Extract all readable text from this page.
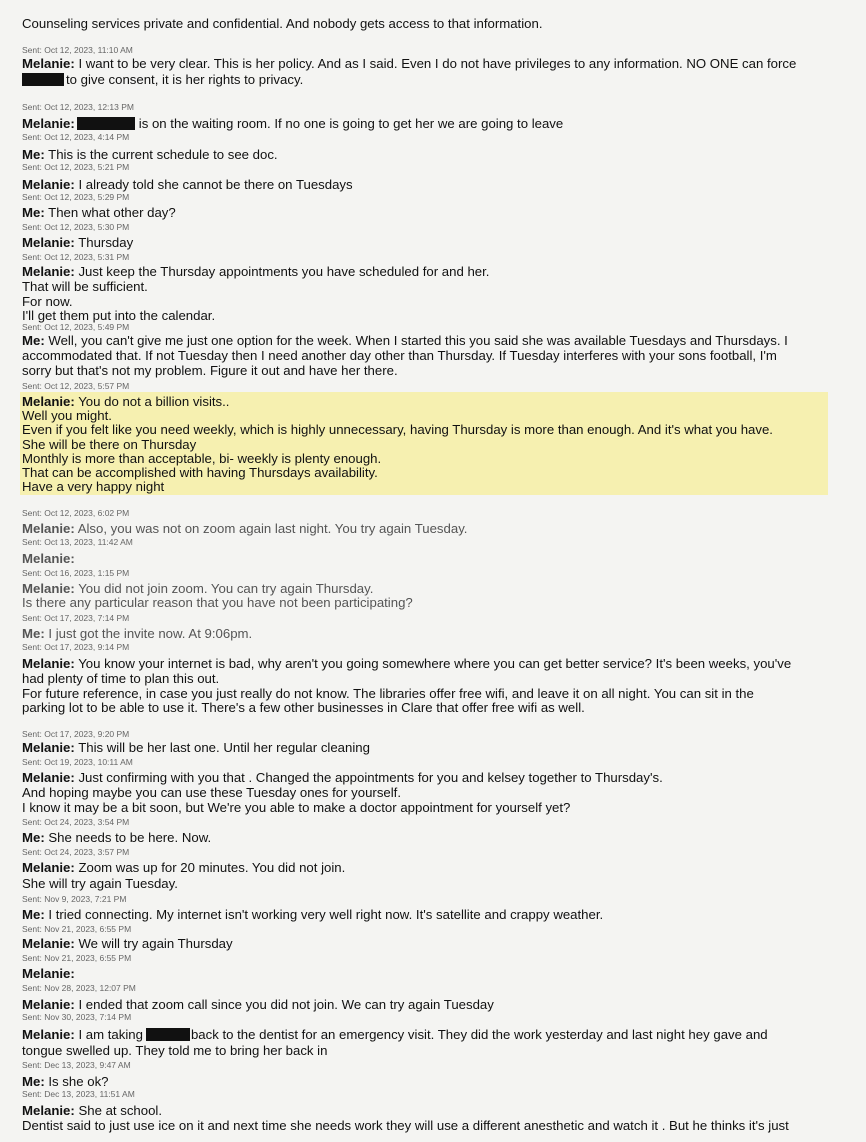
Counseling services private and confidential. And nobody gets access to that information.
Sent: Oct 12, 2023, 11:10 AM
Melanie: I want to be very clear. This is her policy. And as I said. Even I do not have privileges to any information. NO ONE can force
to give consent, it is her rights to privacy.
Sent: Oct 12, 2023, 12:13 PM
Melanie:	is on the waiting room. If no one is going to get her we are going to leave
Sent: Oct 12, 2023, 4:14 PM
Me: This is the current schedule to see doc.
Sent: Oct 12, 2023, 5:21 PM
Melanie: I already told she cannot be there on Tuesdays
Sent: Oct 12, 2023, 5:29 PM
Me: Then what other day?
Sent: Oct 12, 2023, 5:30 PM
Melanie: Thursday
Sent: Oct 12, 2023, 5:31 PM
Melanie: Just keep the Thursday appointments you have scheduled for and her.
That will be sufficient.
For now.
I'll get them put into the calendar.
Sent: Oct 12, 2023, 5:49 PM
Me: Well, you can't give me just one option for the week. When I started this you said she was available Tuesdays and Thursdays. I
accommodated that. If not Tuesday then I need another day other than Thursday. If Tuesday interferes with your sons football, I'm
sorry but that's not my problem. Figure it out and have her there.
Sent: Oct 12, 2023, 5:57 PM
Melanie: You do not a billion visits..
Well you might.
Even if you felt like you need weekly, which is highly unnecessary, having Thursday is more than enough. And it's what you have.
She will be there on Thursday
Monthly is more than acceptable, bi- weekly is plenty enough.
That can be accomplished with having Thursdays availability.
Have a very happy night
Sent: Oct 12, 2023, 6:02 PM
Melanie: Also, you was not on zoom again last night. You try again Tuesday.
Sent: Oct 13, 2023, 11:42 AM
Melanie:
Sent: Oct 16, 2023, 1:15 PM
Melanie: You did not join zoom. You can try again Thursday.
Is there any particular reason that you have not been participating?
Sent: Oct 17, 2023, 7:14 PM
Me: I just got the invite now. At 9:06pm.
Sent: Oct 17, 2023, 9:14 PM
Melanie: You know your internet is bad, why aren't you going somewhere where you can get better service? It's been weeks, you've
had plenty of time to plan this out.
For future reference, in case you just really do not know. The libraries offer free wifi, and leave it on all night. You can sit in the
parking lot to be able to use it. There's a few other businesses in Clare that offer free wifi as well.
Sent: Oct 17, 2023, 9:20 PM
Melanie: This will be her last one. Until her regular cleaning
Sent: Oct 19, 2023, 10:11 AM
Melanie: Just confirming with you that . Changed the appointments for you and kelsey together to Thursday's.
And hoping maybe you can use these Tuesday ones for yourself.
I know it may be a bit soon, but We're you able to make a doctor appointment for yourself yet?
Sent: Oct 24, 2023, 3:54 PM
Me: She needs to be here. Now.
Sent: Oct 24, 2023, 3:57 PM
Melanie: Zoom was up for 20 minutes. You did not join.
She will try again Tuesday.
Sent: Nov 9, 2023, 7:21 PM
Me: I tried connecting. My internet isn't working very well right now. It's satellite and crappy weather.
Sent: Nov 21, 2023, 6:55 PM
Melanie: We will try again Thursday
Sent: Nov 21, 2023, 6:55 PM
Melanie:
Sent: Nov 28, 2023, 12:07 PM
Melanie: I ended that zoom call since you did not join. We can try again Tuesday
Sent: Nov 30, 2023, 7:14 PM
Melanie: I am taking	back to the dentist for an emergency visit. They did the work yesterday and last night hey gave and
tongue swelled up. They told me to bring her back in
Sent: Dec 13, 2023, 9:47 AM
Me: Is she ok?
Sent: Dec 13, 2023, 11:51 AM
Melanie: She at school.
Dentist said to just use ice on it and next time she needs work they will use a different anesthetic and watch it . But he thinks it's just
